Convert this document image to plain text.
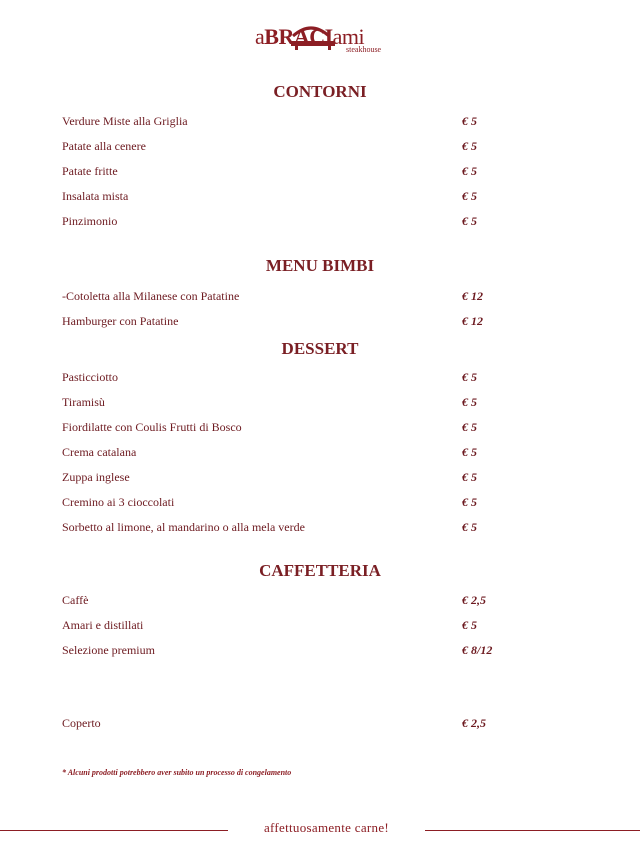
aBRACIami
steakhouse
CONTORNI
Verdure Miste alla Griglia	€ 5
Patate alla cenere	€ 5
Patate fritte	€ 5
Insalata mista	€ 5
Pinzimonio	€ 5
MENU BIMBI
-Cotoletta alla Milanese con Patatine	€ 12
Hamburger con Patatine	€ 12
DESSERT
Pasticciotto	€ 5
Tiramisù	€ 5
Fiordilatte con Coulis Frutti di Bosco	€ 5
Crema catalana	€ 5
Zuppa inglese	€ 5
Cremino ai 3 cioccolati	€ 5
Sorbetto al limone, al mandarino o alla mela verde	€ 5
CAFFETTERIA
Caffè	€ 2,5
Amari e distillati	€ 5
Selezione premium	€ 8/12
Coperto	€ 2,5
* Alcuni prodotti potrebbero aver subito un processo di congelamento
affettuosamente carne!
